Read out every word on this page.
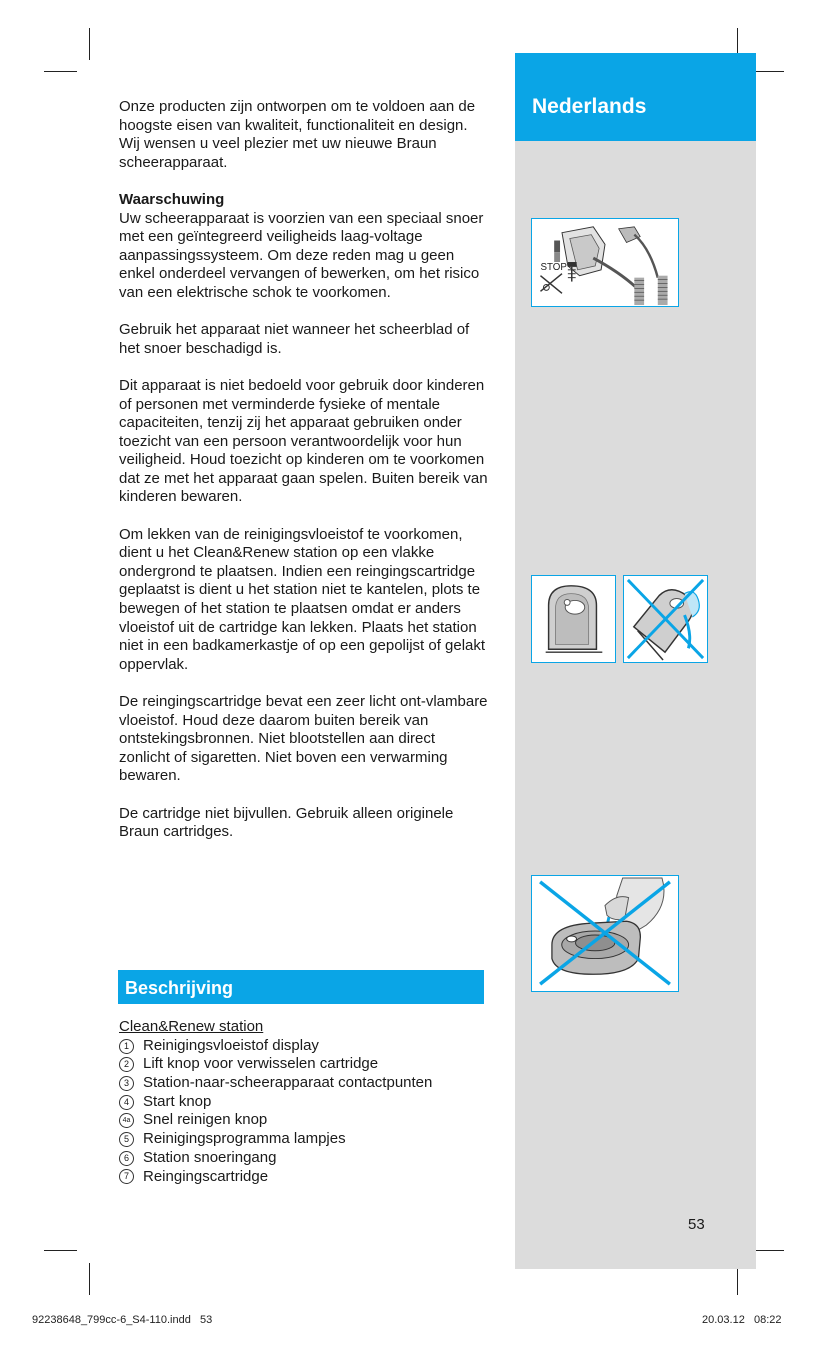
Nederlands
STOP

Onze producten zijn ontworpen om te voldoen aan de hoogste eisen van kwaliteit, functionaliteit en design. Wij wensen u veel plezier met uw nieuwe Braun scheerapparaat.

Waarschuwing
Uw scheerapparaat is voorzien van een speciaal snoer met een geïntegreerd veiligheids laag-voltage aanpassingssysteem. Om deze reden mag u geen enkel onderdeel vervangen of bewerken, om het risico van een elektrische schok te voorkomen.

Gebruik het apparaat niet wanneer het scheerblad of het snoer beschadigd is.

Dit apparaat is niet bedoeld voor gebruik door kinderen of personen met verminderde fysieke of mentale capaciteiten, tenzij zij het apparaat gebruiken onder toezicht van een persoon verantwoordelijk voor hun veiligheid. Houd toezicht op kinderen om te voorkomen dat ze met het apparaat gaan spelen. Buiten bereik van kinderen bewaren.

Om lekken van de reinigingsvloeistof te voorkomen, dient u het Clean&Renew station op een vlakke ondergrond te plaatsen. Indien een reingingscartridge geplaatst is dient u het station niet te kantelen, plots te bewegen of het station te plaatsen omdat er anders vloeistof uit de cartridge kan lekken. Plaats het station niet in een badkamerkastje of op een gepolijst of gelakt oppervlak.

De reingingscartridge bevat een zeer licht ont-vlambare vloeistof. Houd deze daarom buiten bereik van ontstekingsbronnen. Niet blootstellen aan direct zonlicht of sigaretten. Niet boven een verwarming bewaren.

De cartridge niet bijvullen. Gebruik alleen originele Braun cartridges.

Beschrijving
Clean&Renew station
1 Reinigingsvloeistof display
2 Lift knop voor verwisselen cartridge
3 Station-naar-scheerapparaat contactpunten
4 Start knop
4a Snel reinigen knop
5 Reinigingsprogramma lampjes
6 Station snoeringang
7 Reingingscartridge
53
92238648_799cc-6_S4-110.indd   53	20.03.12   08:22
